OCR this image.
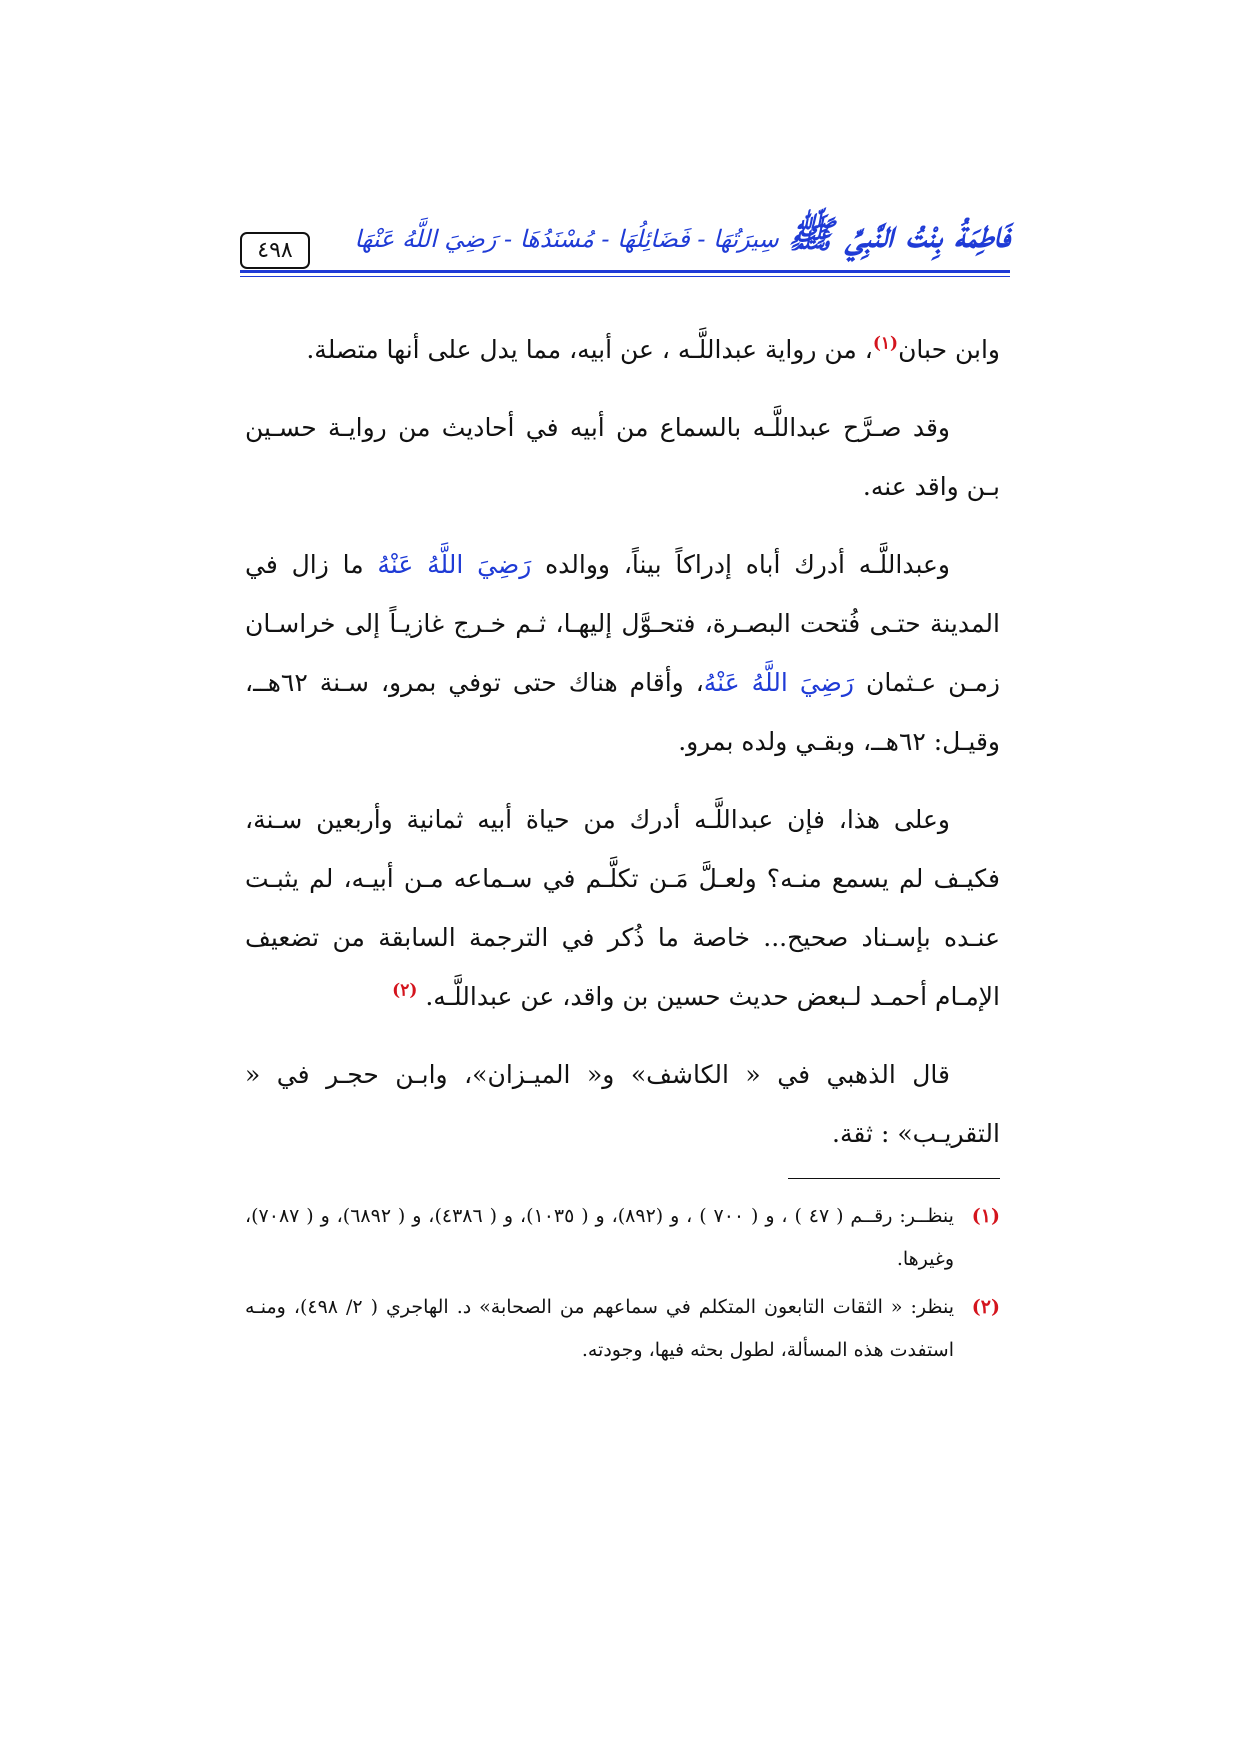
فَاطِمَةُ بِنْتُ النَّبِيِّ ﷺ سِيرَتُهَا - فَضَائِلُهَا - مُسْنَدُهَا - رَضِيَ اللَّهُ عَنْهَا
٤٩٨

وابن حبان$^{(١)}$، من رواية عبداللَّـه ، عن أبيه، مما يدل على أنها متصلة.

وقد صـرَّح عبداللَّـه بالسماع من أبيه في أحاديث من روايـة حسـين بـن واقد عنه.

وعبداللَّـه أدرك أباه إدراكاً بيناً، ووالده رَضِيَ اللَّهُ عَنْهُ ما زال في المدينة حتـى فُتحت البصـرة، فتحـوَّل إليهـا، ثـم خـرج غازيـاً إلى خراسـان زمـن عـثمان رَضِيَ اللَّهُ عَنْهُ، وأقام هناك حتى توفي بمرو، سـنة ٦٢هــ، وقيـل: ٦٢هــ، وبقـي ولده بمرو.

وعلى هذا، فإن عبداللَّـه أدرك من حياة أبيه ثمانية وأربعين سـنة، فكيـف لم يسمع منـه؟ ولعـلَّ مَـن تكلَّـم في سـماعه مـن أبيـه، لم يثبـت عنـده بإسـناد صحيح... خاصة ما ذُكر في الترجمة السابقة من تضعيف الإمـام أحمـد لـبعض حديث حسين بن واقد، عن عبداللَّـه. $^{(٢)}$

قال الذهبي في « الكاشف» و« الميـزان»، وابـن حجـر في « التقريـب» : ثقة.

(١)
ينظــر: رقــم ( ٤٧ ) ، و ( ٧٠٠ ) ، و (٨٩٢)، و ( ١٠٣٥)، و ( ٤٣٨٦)، و ( ٦٨٩٢)، و ( ٧٠٨٧)، وغيرها.
(٢)
ينظر: « الثقات التابعون المتكلم في سماعهم من الصحابة» د. الهاجري ( ٢/ ٤٩٨)، ومنـه استفدت هذه المسألة، لطول بحثه فيها، وجودته.
